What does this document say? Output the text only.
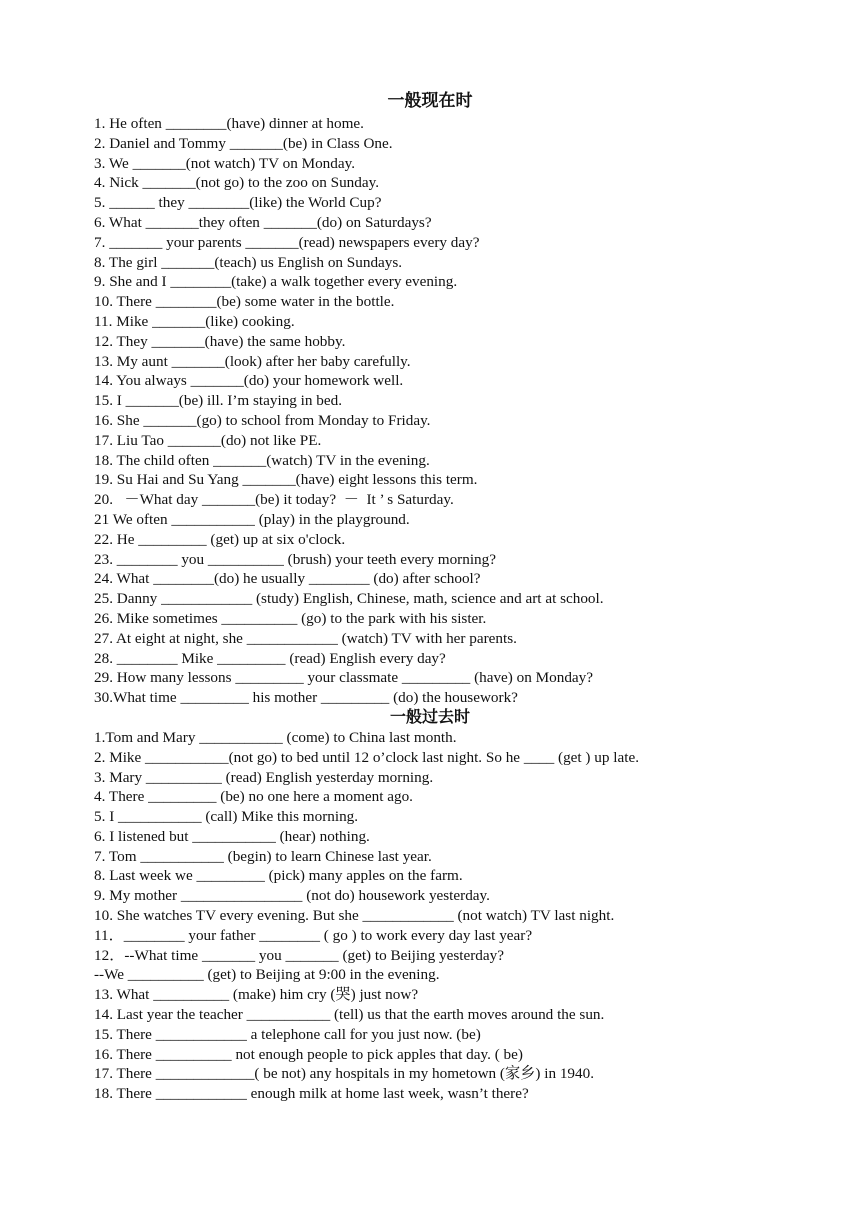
一般现在时
1. He often ________(have) dinner at home.
2. Daniel and Tommy _______(be) in Class One.
3. We _______(not watch) TV on Monday.
4. Nick _______(not go) to the zoo on Sunday.
5. ______ they ________(like) the World Cup?
6. What _______they often _______(do) on Saturdays?
7. _______ your parents _______(read) newspapers every day?
8. The girl _______(teach) us English on Sundays.
9. She and I ________(take) a walk together every evening.
10. There ________(be) some water in the bottle.
11. Mike _______(like) cooking.
12. They _______(have) the same hobby.
13. My aunt _______(look) after her baby carefully.
14. You always _______(do) your homework well.
15. I _______(be) ill. I’m staying in bed.
16. She _______(go) to school from Monday to Friday.
17. Liu Tao _______(do) not like PE.
18. The child often _______(watch) TV in the evening.
19. Su Hai and Su Yang _______(have) eight lessons this term.
20.   －What day _______(be) it today?  －  It ’ s Saturday.
21 We often ___________ (play) in the playground.
22. He _________ (get) up at six o'clock.
23. ________ you __________ (brush) your teeth every morning?
24. What ________(do) he usually ________ (do) after school?
25. Danny ____________ (study) English, Chinese, math, science and art at school.
26. Mike sometimes __________ (go) to the park with his sister.
27. At eight at night, she ____________ (watch) TV with her parents.
28. ________ Mike _________ (read) English every day?
29. How many lessons _________ your classmate _________ (have) on Monday?
30.What time _________ his mother _________ (do) the housework?
一般过去时
1.Tom and Mary ___________ (come) to China last month.
2. Mike ___________(not go) to bed until 12 o’clock last night. So he ____ (get ) up late.
3. Mary __________ (read) English yesterday morning.
4. There _________ (be) no one here a moment ago.
5. I ___________ (call) Mike this morning.
6. I listened but ___________ (hear) nothing.
7. Tom ___________ (begin) to learn Chinese last year.
8. Last week we _________ (pick) many apples on the farm.
9. My mother ________________ (not do) housework yesterday.
10. She watches TV every evening. But she ____________ (not watch) TV last night.
11．________ your father ________ ( go ) to work every day last year?
12．--What time _______ you _______ (get) to Beijing yesterday?
--We __________ (get) to Beijing at 9:00 in the evening.
13. What __________ (make) him cry (哭) just now?
14. Last year the teacher ___________ (tell) us that the earth moves around the sun.
15. There ____________ a telephone call for you just now. (be)
16. There __________ not enough people to pick apples that day. ( be)
17. There _____________( be not) any hospitals in my hometown (家乡) in 1940.
18. There ____________ enough milk at home last week, wasn’t there?
